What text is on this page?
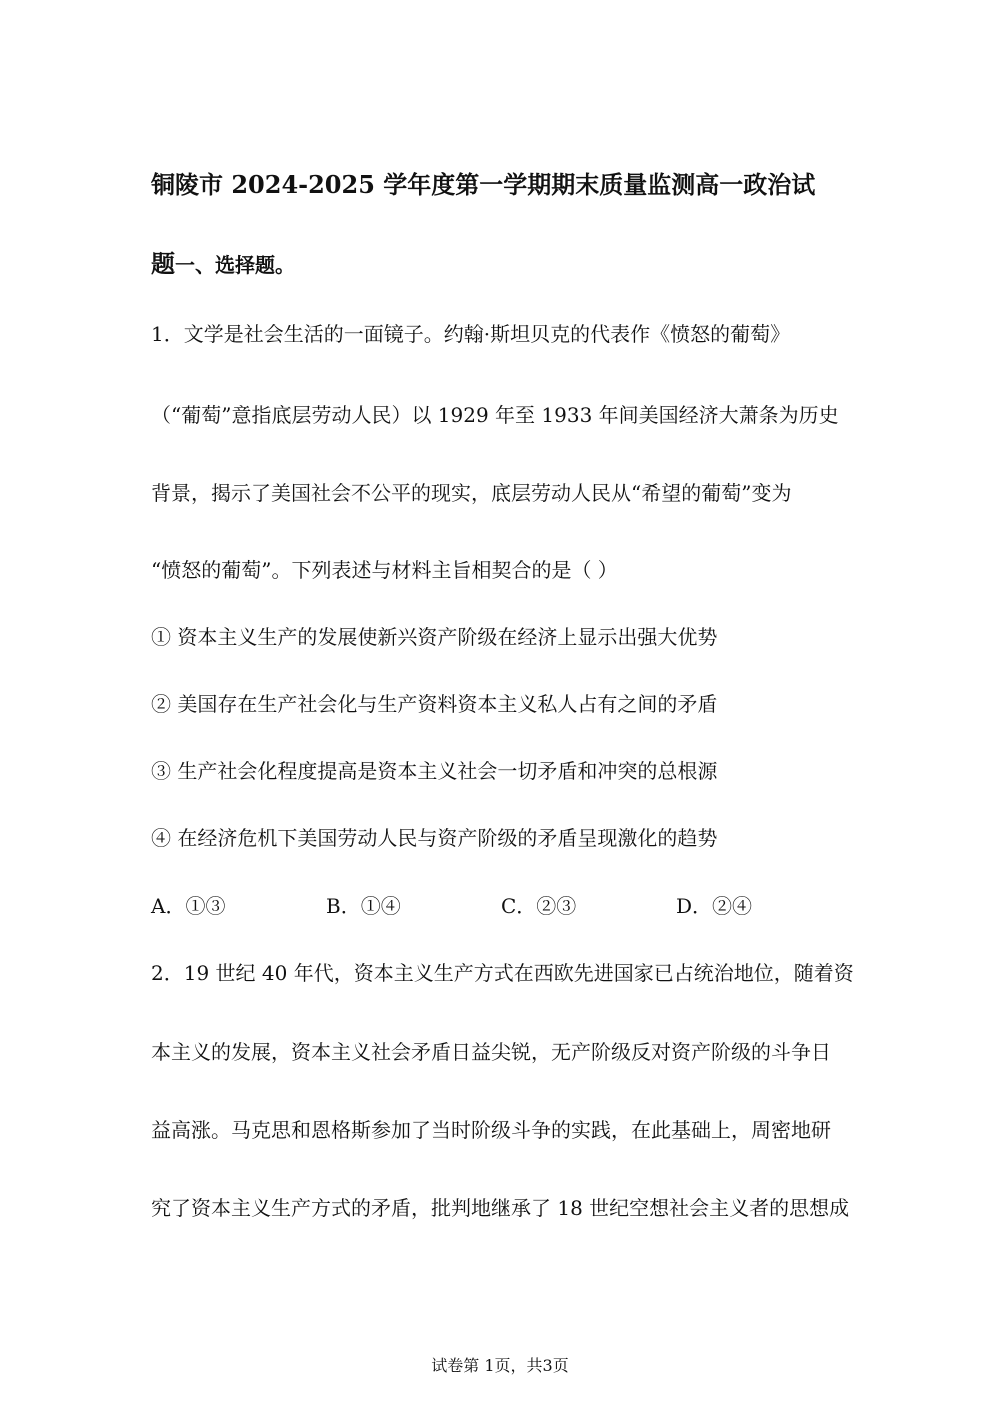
铜陵市 2024-2025 学年度第一学期期末质量监测高一政治试
题一、选择题。
1．文学是社会生活的一面镜子。约翰·斯坦贝克的代表作《愤怒的葡萄》
（“葡萄”意指底层劳动人民）以 1929 年至 1933 年间美国经济大萧条为历史
背景，揭示了美国社会不公平的现实，底层劳动人民从“希望的葡萄”变为
“愤怒的葡萄”。下列表述与材料主旨相契合的是（ ）
① 资本主义生产的发展使新兴资产阶级在经济上显示出强大优势
② 美国存在生产社会化与生产资料资本主义私人占有之间的矛盾
③ 生产社会化程度提高是资本主义社会一切矛盾和冲突的总根源
④ 在经济危机下美国劳动人民与资产阶级的矛盾呈现激化的趋势
A．①③	B．①④	C．②③	D．②④
2．19 世纪 40 年代，资本主义生产方式在西欧先进国家已占统治地位，随着资
本主义的发展，资本主义社会矛盾日益尖锐，无产阶级反对资产阶级的斗争日
益高涨。马克思和恩格斯参加了当时阶级斗争的实践，在此基础上，周密地研
究了资本主义生产方式的矛盾，批判地继承了 18 世纪空想社会主义者的思想成
试卷第 1页，共3页
